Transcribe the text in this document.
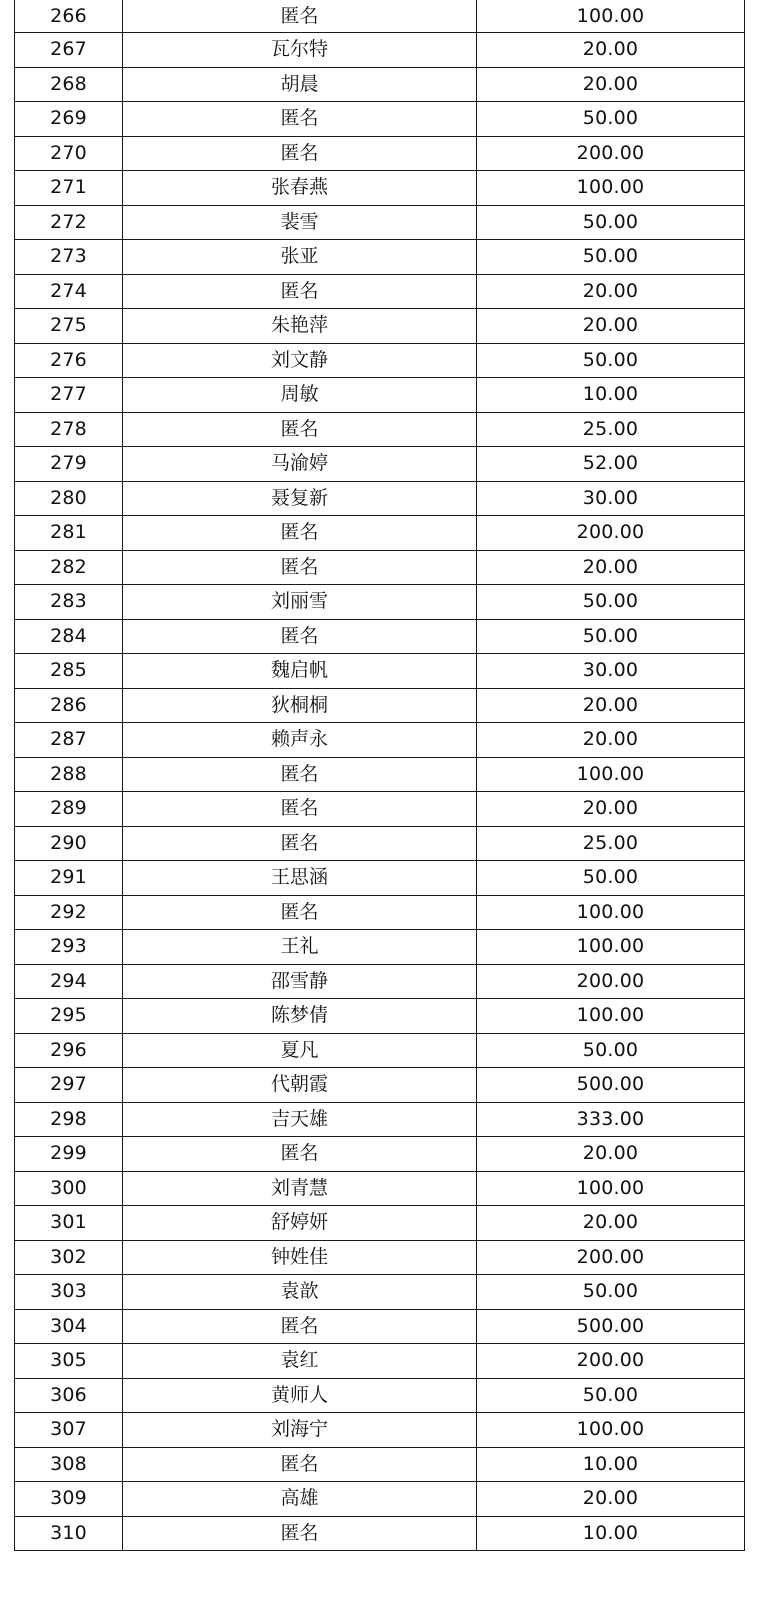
266	匿名	100.00
267	瓦尔特	20.00
268	胡晨	20.00
269	匿名	50.00
270	匿名	200.00
271	张春燕	100.00
272	裴雪	50.00
273	张亚	50.00
274	匿名	20.00
275	朱艳萍	20.00
276	刘文静	50.00
277	周敏	10.00
278	匿名	25.00
279	马渝婷	52.00
280	聂复新	30.00
281	匿名	200.00
282	匿名	20.00
283	刘丽雪	50.00
284	匿名	50.00
285	魏启帆	30.00
286	狄桐桐	20.00
287	赖声永	20.00
288	匿名	100.00
289	匿名	20.00
290	匿名	25.00
291	王思涵	50.00
292	匿名	100.00
293	王礼	100.00
294	邵雪静	200.00
295	陈梦倩	100.00
296	夏凡	50.00
297	代朝霞	500.00
298	吉天雄	333.00
299	匿名	20.00
300	刘青慧	100.00
301	舒婷妍	20.00
302	钟姓佳	200.00
303	袁歆	50.00
304	匿名	500.00
305	袁红	200.00
306	黄师人	50.00
307	刘海宁	100.00
308	匿名	10.00
309	高雄	20.00
310	匿名	10.00
